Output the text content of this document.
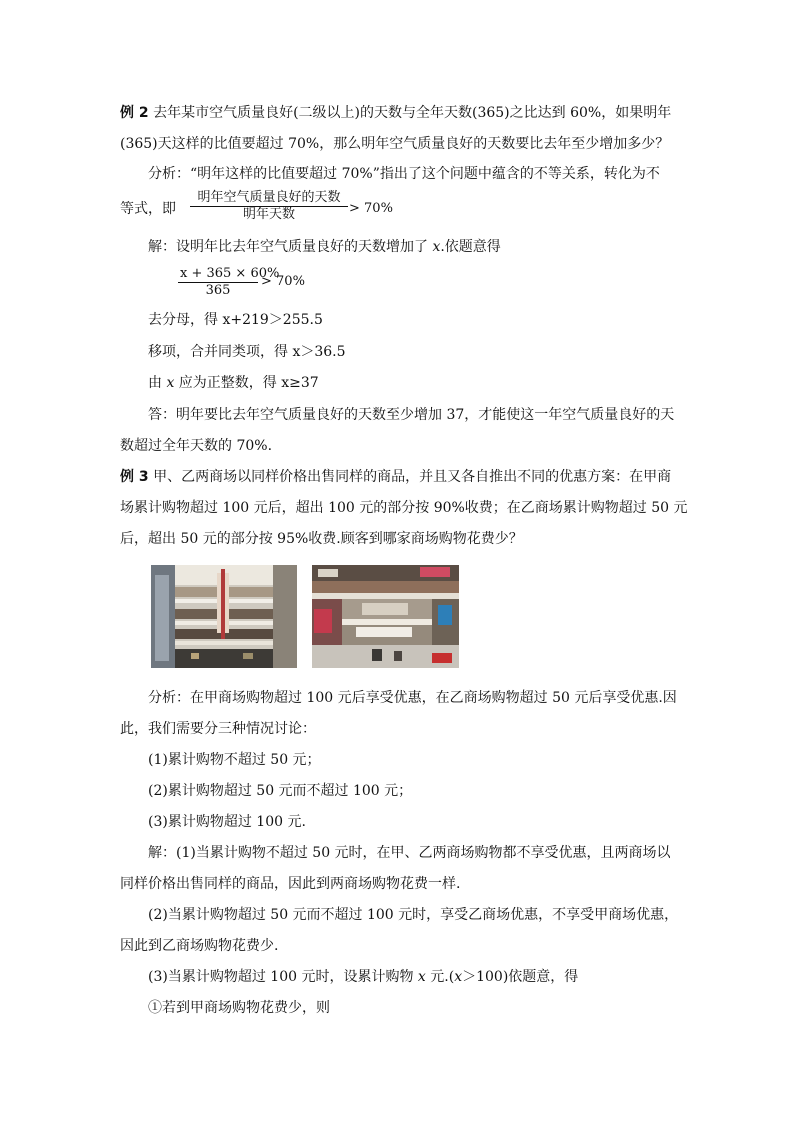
例 2 去年某市空气质量良好(二级以上)的天数与全年天数(365)之比达到 60%，如果明年
(365)天这样的比值要超过 70%，那么明年空气质量良好的天数要比去年至少增加多少？
分析：“明年这样的比值要超过 70%”指出了这个问题中蕴含的不等关系，转化为不
等式，即
明年空气质量良好的天数
明年天数	> 70%
解：设明年比去年空气质量良好的天数增加了 x.依题意得
$\frac{x + 365 \times 60\%}{365} > 70\%$
去分母，得 x+219＞255.5
移项，合并同类项，得 x＞36.5
由 x 应为正整数，得 x≥37
答：明年要比去年空气质量良好的天数至少增加 37，才能使这一年空气质量良好的天
数超过全年天数的 70%.
例 3 甲、乙两商场以同样价格出售同样的商品，并且又各自推出不同的优惠方案：在甲商
场累计购物超过 100 元后，超出 100 元的部分按 90%收费；在乙商场累计购物超过 50 元
后，超出 50 元的部分按 95%收费.顾客到哪家商场购物花费少？
分析：在甲商场购物超过 100 元后享受优惠，在乙商场购物超过 50 元后享受优惠.因
此，我们需要分三种情况讨论：
(1)累计购物不超过 50 元；
(2)累计购物超过 50 元而不超过 100 元；
(3)累计购物超过 100 元.
解：(1)当累计购物不超过 50 元时，在甲、乙两商场购物都不享受优惠，且两商场以
同样价格出售同样的商品，因此到两商场购物花费一样.
(2)当累计购物超过 50 元而不超过 100 元时，享受乙商场优惠，不享受甲商场优惠，
因此到乙商场购物花费少.
(3)当累计购物超过 100 元时，设累计购物 x 元.(x＞100)依题意，得
①若到甲商场购物花费少，则
